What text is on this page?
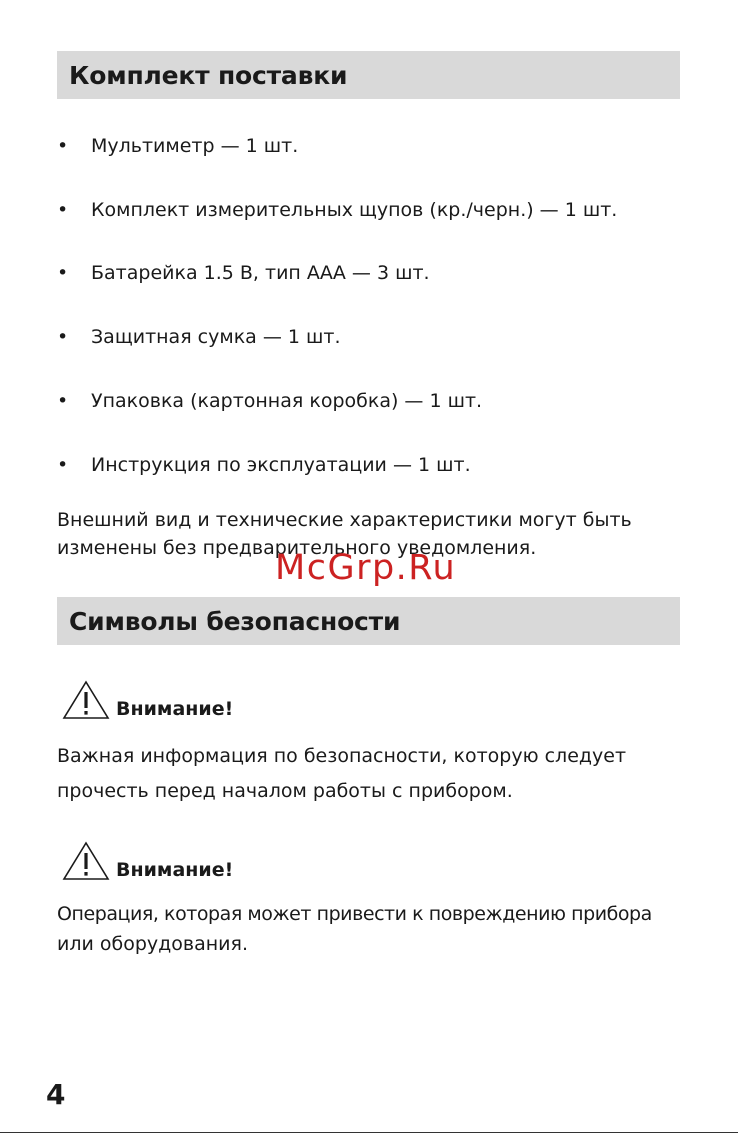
Комплект поставки
• Мультиметр — 1 шт.
• Комплект измерительных щупов (кр./черн.) — 1 шт.
• Батарейка 1.5 В, тип ААА — 3 шт.
• Защитная сумка — 1 шт.
• Упаковка (картонная коробка) — 1 шт.
• Инструкция по эксплуатации — 1 шт.
Внешний вид и технические характеристики могут быть
изменены без предварительного уведомления.
McGrp.Ru
Символы безопасности
Внимание!
Важная информация по безопасности, которую следует
прочесть перед началом работы с прибором.
Внимание!
Операция, которая может привести к повреждению прибора
или оборудования.
4
